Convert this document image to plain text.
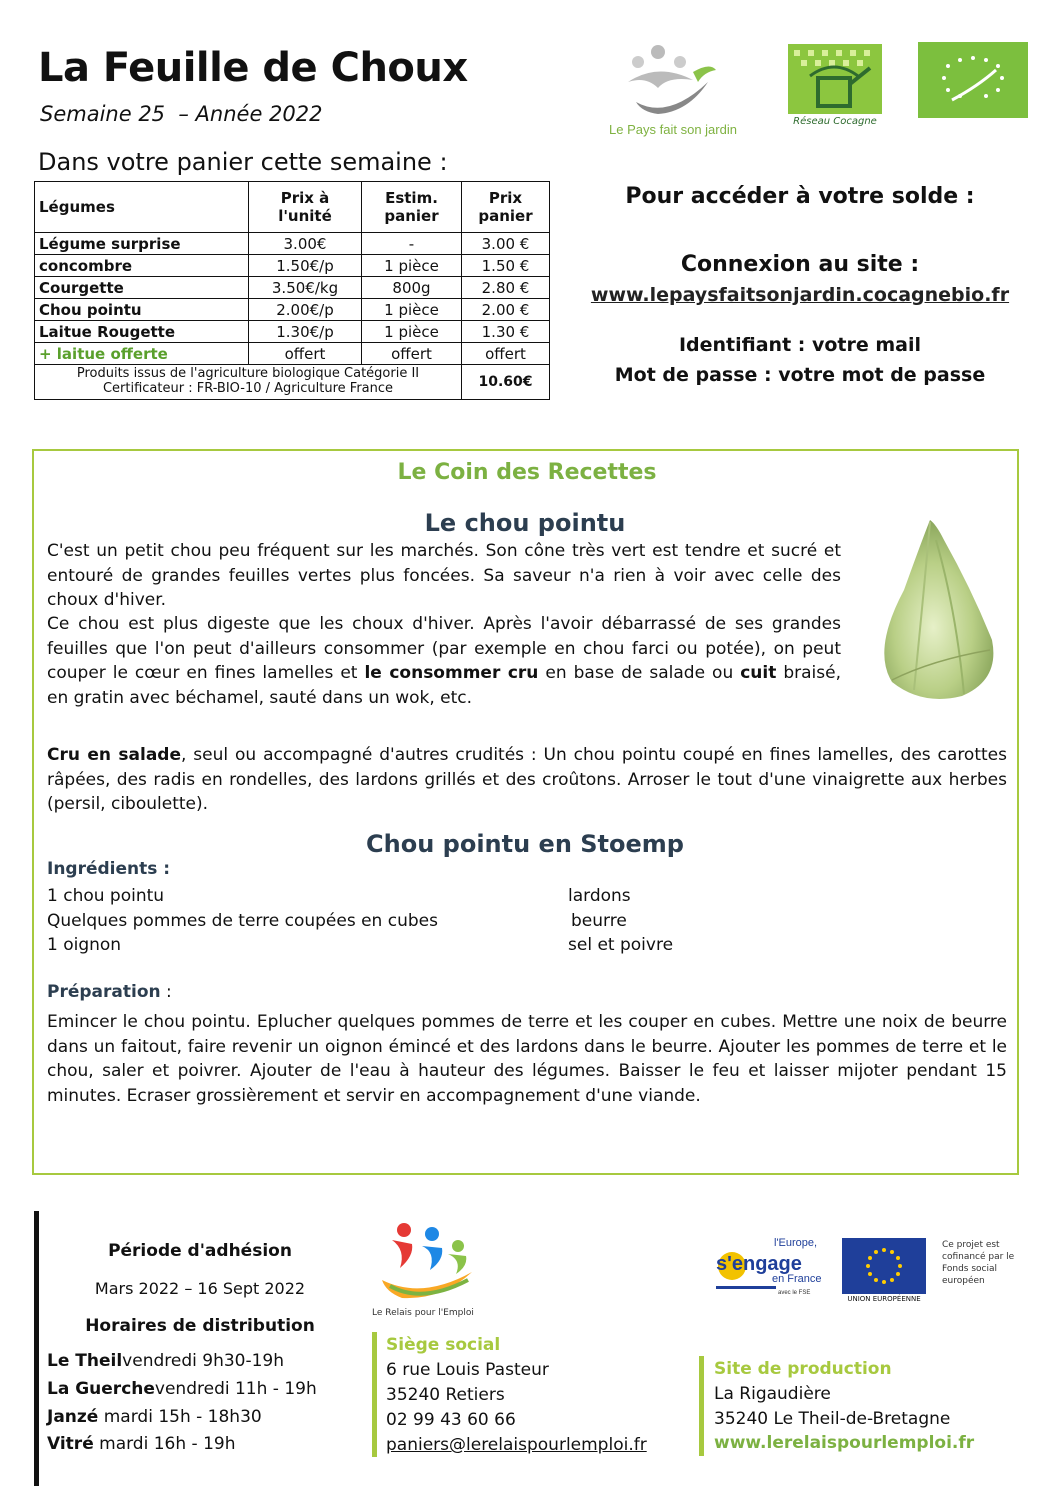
La Feuille de Choux
Semaine 25  – Année 2022
Dans votre panier cette semaine :
Le Pays fait son jardin
Réseau Cocagne
Légumes	Prix à l'unité	Estim. panier	Prix panier
Légume surprise	3.00€	-	3.00 €
concombre	1.50€/p	1 pièce	1.50 €
Courgette	3.50€/kg	800g	2.80 €
Chou pointu	2.00€/p	1 pièce	2.00 €
Laitue Rougette	1.30€/p	1 pièce	1.30 €
+ laitue offerte	offert	offert	offert

Produits issus de l'agriculture biologique Catégorie II
Certificateur : FR-BIO-10 / Agriculture France			10.60€
Pour accéder à votre solde :
Connexion au site :
www.lepaysfaitsonjardin.cocagnebio.fr
Identifiant : votre mail
Mot de passe : votre mot de passe
Le Coin des Recettes
Le chou pointu
C'est un petit chou peu fréquent sur les marchés. Son cône très vert est tendre et sucré et entouré de grandes feuilles vertes plus foncées. Sa saveur n'a rien à voir avec celle des choux d'hiver.
Ce chou est plus digeste que les choux d'hiver. Après l'avoir débarrassé de ses grandes feuilles que l'on peut d'ailleurs consommer (par exemple en chou farci ou potée), on peut couper le cœur en fines lamelles et le consommer cru en base de salade ou cuit braisé, en gratin avec béchamel, sauté dans un wok, etc.
Cru en salade, seul ou accompagné d'autres crudités : Un chou pointu coupé en fines lamelles, des carottes râpées, des radis en rondelles, des lardons grillés et des croûtons. Arroser le tout d'une vinaigrette aux herbes (persil, ciboulette).
Chou pointu en Stoemp
Ingrédients :
1 chou pointu
Quelques pommes de terre coupées en cubes
1 oignon
lardons
beurre
sel et poivre
Préparation :
Emincer le chou pointu. Eplucher quelques pommes de terre et les couper en cubes. Mettre une noix de beurre dans un faitout, faire revenir un oignon émincé et des lardons dans le beurre. Ajouter les pommes de terre et le chou, saler et poivrer. Ajouter de l'eau à hauteur des légumes. Baisser le feu et laisser mijoter pendant 15 minutes. Ecraser grossièrement et servir en accompagnement d'une viande.
Période d'adhésion
Mars 2022 – 16 Sept 2022
Horaires de distribution
Le Theilvendredi 9h30-19h
La Guerchevendredi 11h - 19h
Janzé mardi 15h - 18h30
Vitré mardi 16h - 19h
Le Relais pour l'Emploi
Siège social
6 rue Louis Pasteur
35240 Retiers
02 99 43 60 66
paniers@lerelaispourlemploi.fr
l'Europe,
s'engage
en France
avec le FSE
UNION EUROPÉENNE
Ce projet est cofinancé par le Fonds social européen
Site de production
La Rigaudière
35240 Le Theil-de-Bretagne
www.lerelaispourlemploi.fr
